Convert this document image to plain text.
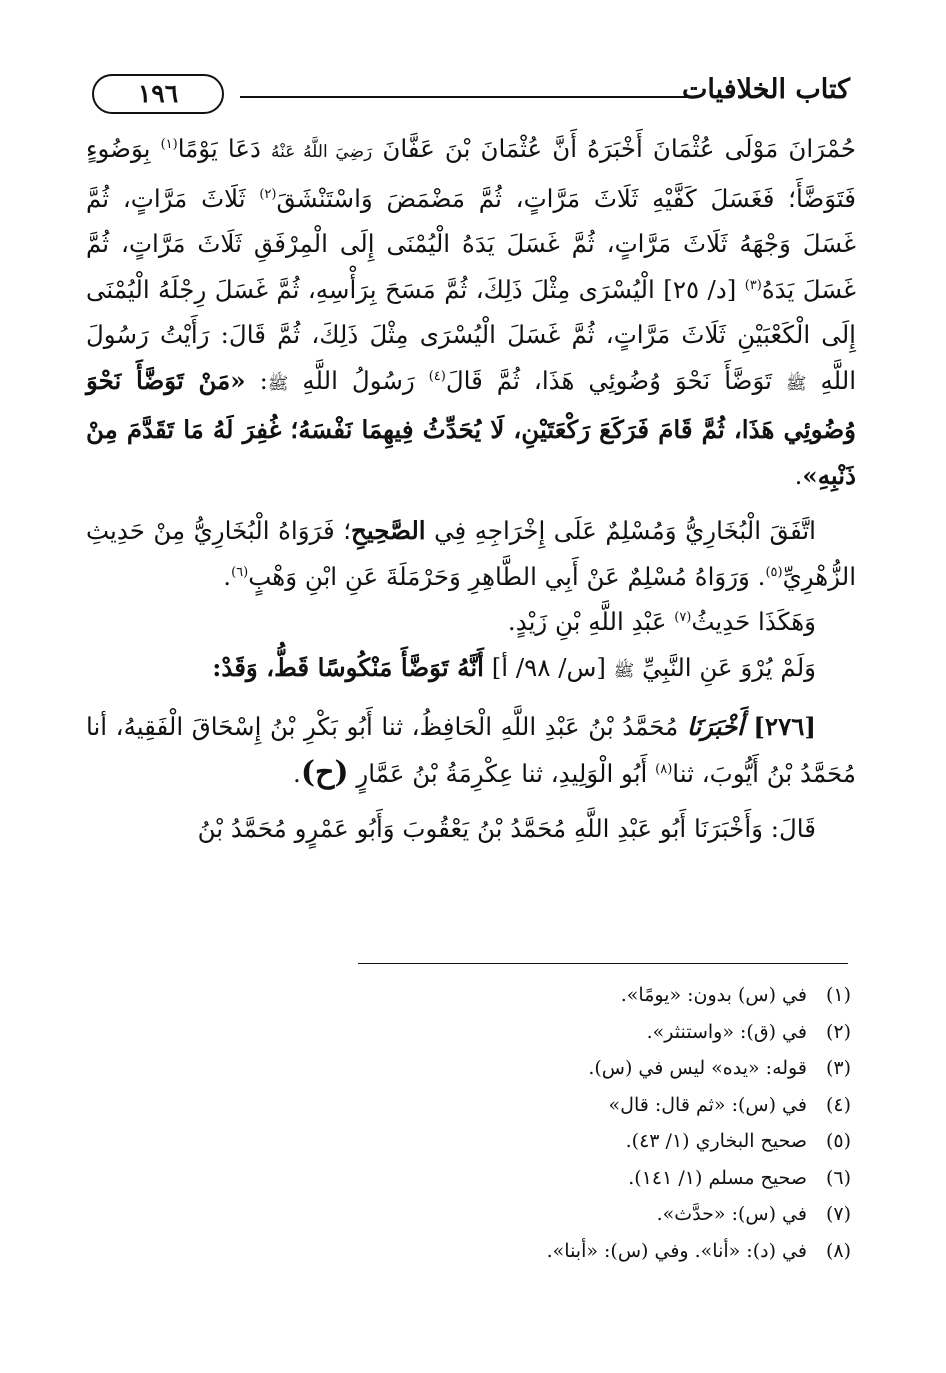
كتاب الخلافيات
١٩٦

حُمْرَانَ مَوْلَى عُثْمَانَ أَخْبَرَهُ أَنَّ عُثْمَانَ بْنَ عَفَّانَ رَضِيَ اللَّهُ عَنْهُ دَعَا يَوْمًا$^{(١)}$ بِوَضُوءٍ فَتَوَضَّأَ؛ فَغَسَلَ كَفَّيْهِ ثَلَاثَ مَرَّاتٍ، ثُمَّ مَضْمَضَ وَاسْتَنْشَقَ$^{(٢)}$ ثَلَاثَ مَرَّاتٍ، ثُمَّ غَسَلَ وَجْهَهُ ثَلَاثَ مَرَّاتٍ، ثُمَّ غَسَلَ يَدَهُ الْيُمْنَى إِلَى الْمِرْفَقِ ثَلَاثَ مَرَّاتٍ، ثُمَّ غَسَلَ يَدَهُ$^{(٣)}$ [د/ ٢٥] الْيُسْرَى مِثْلَ ذَلِكَ، ثُمَّ مَسَحَ بِرَأْسِهِ، ثُمَّ غَسَلَ رِجْلَهُ الْيُمْنَى إِلَى الْكَعْبَيْنِ ثَلَاثَ مَرَّاتٍ، ثُمَّ غَسَلَ الْيُسْرَى مِثْلَ ذَلِكَ، ثُمَّ قَالَ: رَأَيْتُ رَسُولَ اللَّهِ ﷺ تَوَضَّأَ نَحْوَ وُضُوئِي هَذَا، ثُمَّ قَالَ$^{(٤)}$ رَسُولُ اللَّهِ ﷺ: «مَنْ تَوَضَّأَ نَحْوَ وُضُوئِي هَذَا، ثُمَّ قَامَ فَرَكَعَ رَكْعَتَيْنِ، لَا يُحَدِّثُ فِيهِمَا نَفْسَهُ؛ غُفِرَ لَهُ مَا تَقَدَّمَ مِنْ ذَنْبِهِ».

اتَّفَقَ الْبُخَارِيُّ وَمُسْلِمٌ عَلَى إِخْرَاجِهِ فِي الصَّحِيحِ؛ فَرَوَاهُ الْبُخَارِيُّ مِنْ حَدِيثِ الزُّهْرِيِّ$^{(٥)}$. وَرَوَاهُ مُسْلِمٌ عَنْ أَبِي الطَّاهِرِ وَحَرْمَلَةَ عَنِ ابْنِ وَهْبٍ$^{(٦)}$.

وَهَكَذَا حَدِيثُ$^{(٧)}$ عَبْدِ اللَّهِ بْنِ زَيْدٍ.

وَلَمْ يُرْوَ عَنِ النَّبِيِّ ﷺ [س/ ٩٨/ أ] أَنَّهُ تَوَضَّأَ مَنْكُوسًا قَطُّ، وَقَدْ:

[٢٧٦] أَخْبَرَنَا مُحَمَّدُ بْنُ عَبْدِ اللَّهِ الْحَافِظُ، ثنا أَبُو بَكْرِ بْنُ إِسْحَاقَ الْفَقِيهُ، أنا مُحَمَّدُ بْنُ أَيُّوبَ، ثنا$^{(٨)}$ أَبُو الْوَلِيدِ، ثنا عِكْرِمَةُ بْنُ عَمَّارٍ (ح).

قَالَ: وَأَخْبَرَنَا أَبُو عَبْدِ اللَّهِ مُحَمَّدُ بْنُ يَعْقُوبَ وَأَبُو عَمْرٍو مُحَمَّدُ بْنُ

(١) في (س) بدون: «يومًا».
(٢) في (ق): «واستنثر».
(٣) قوله: «يده» ليس في (س).
(٤) في (س): «ثم قال: قال»
(٥) صحيح البخاري (١/ ٤٣).
(٦) صحيح مسلم (١/ ١٤١).
(٧) في (س): «حدَّث».
(٨) في (د): «أنا». وفي (س): «أبنا».
